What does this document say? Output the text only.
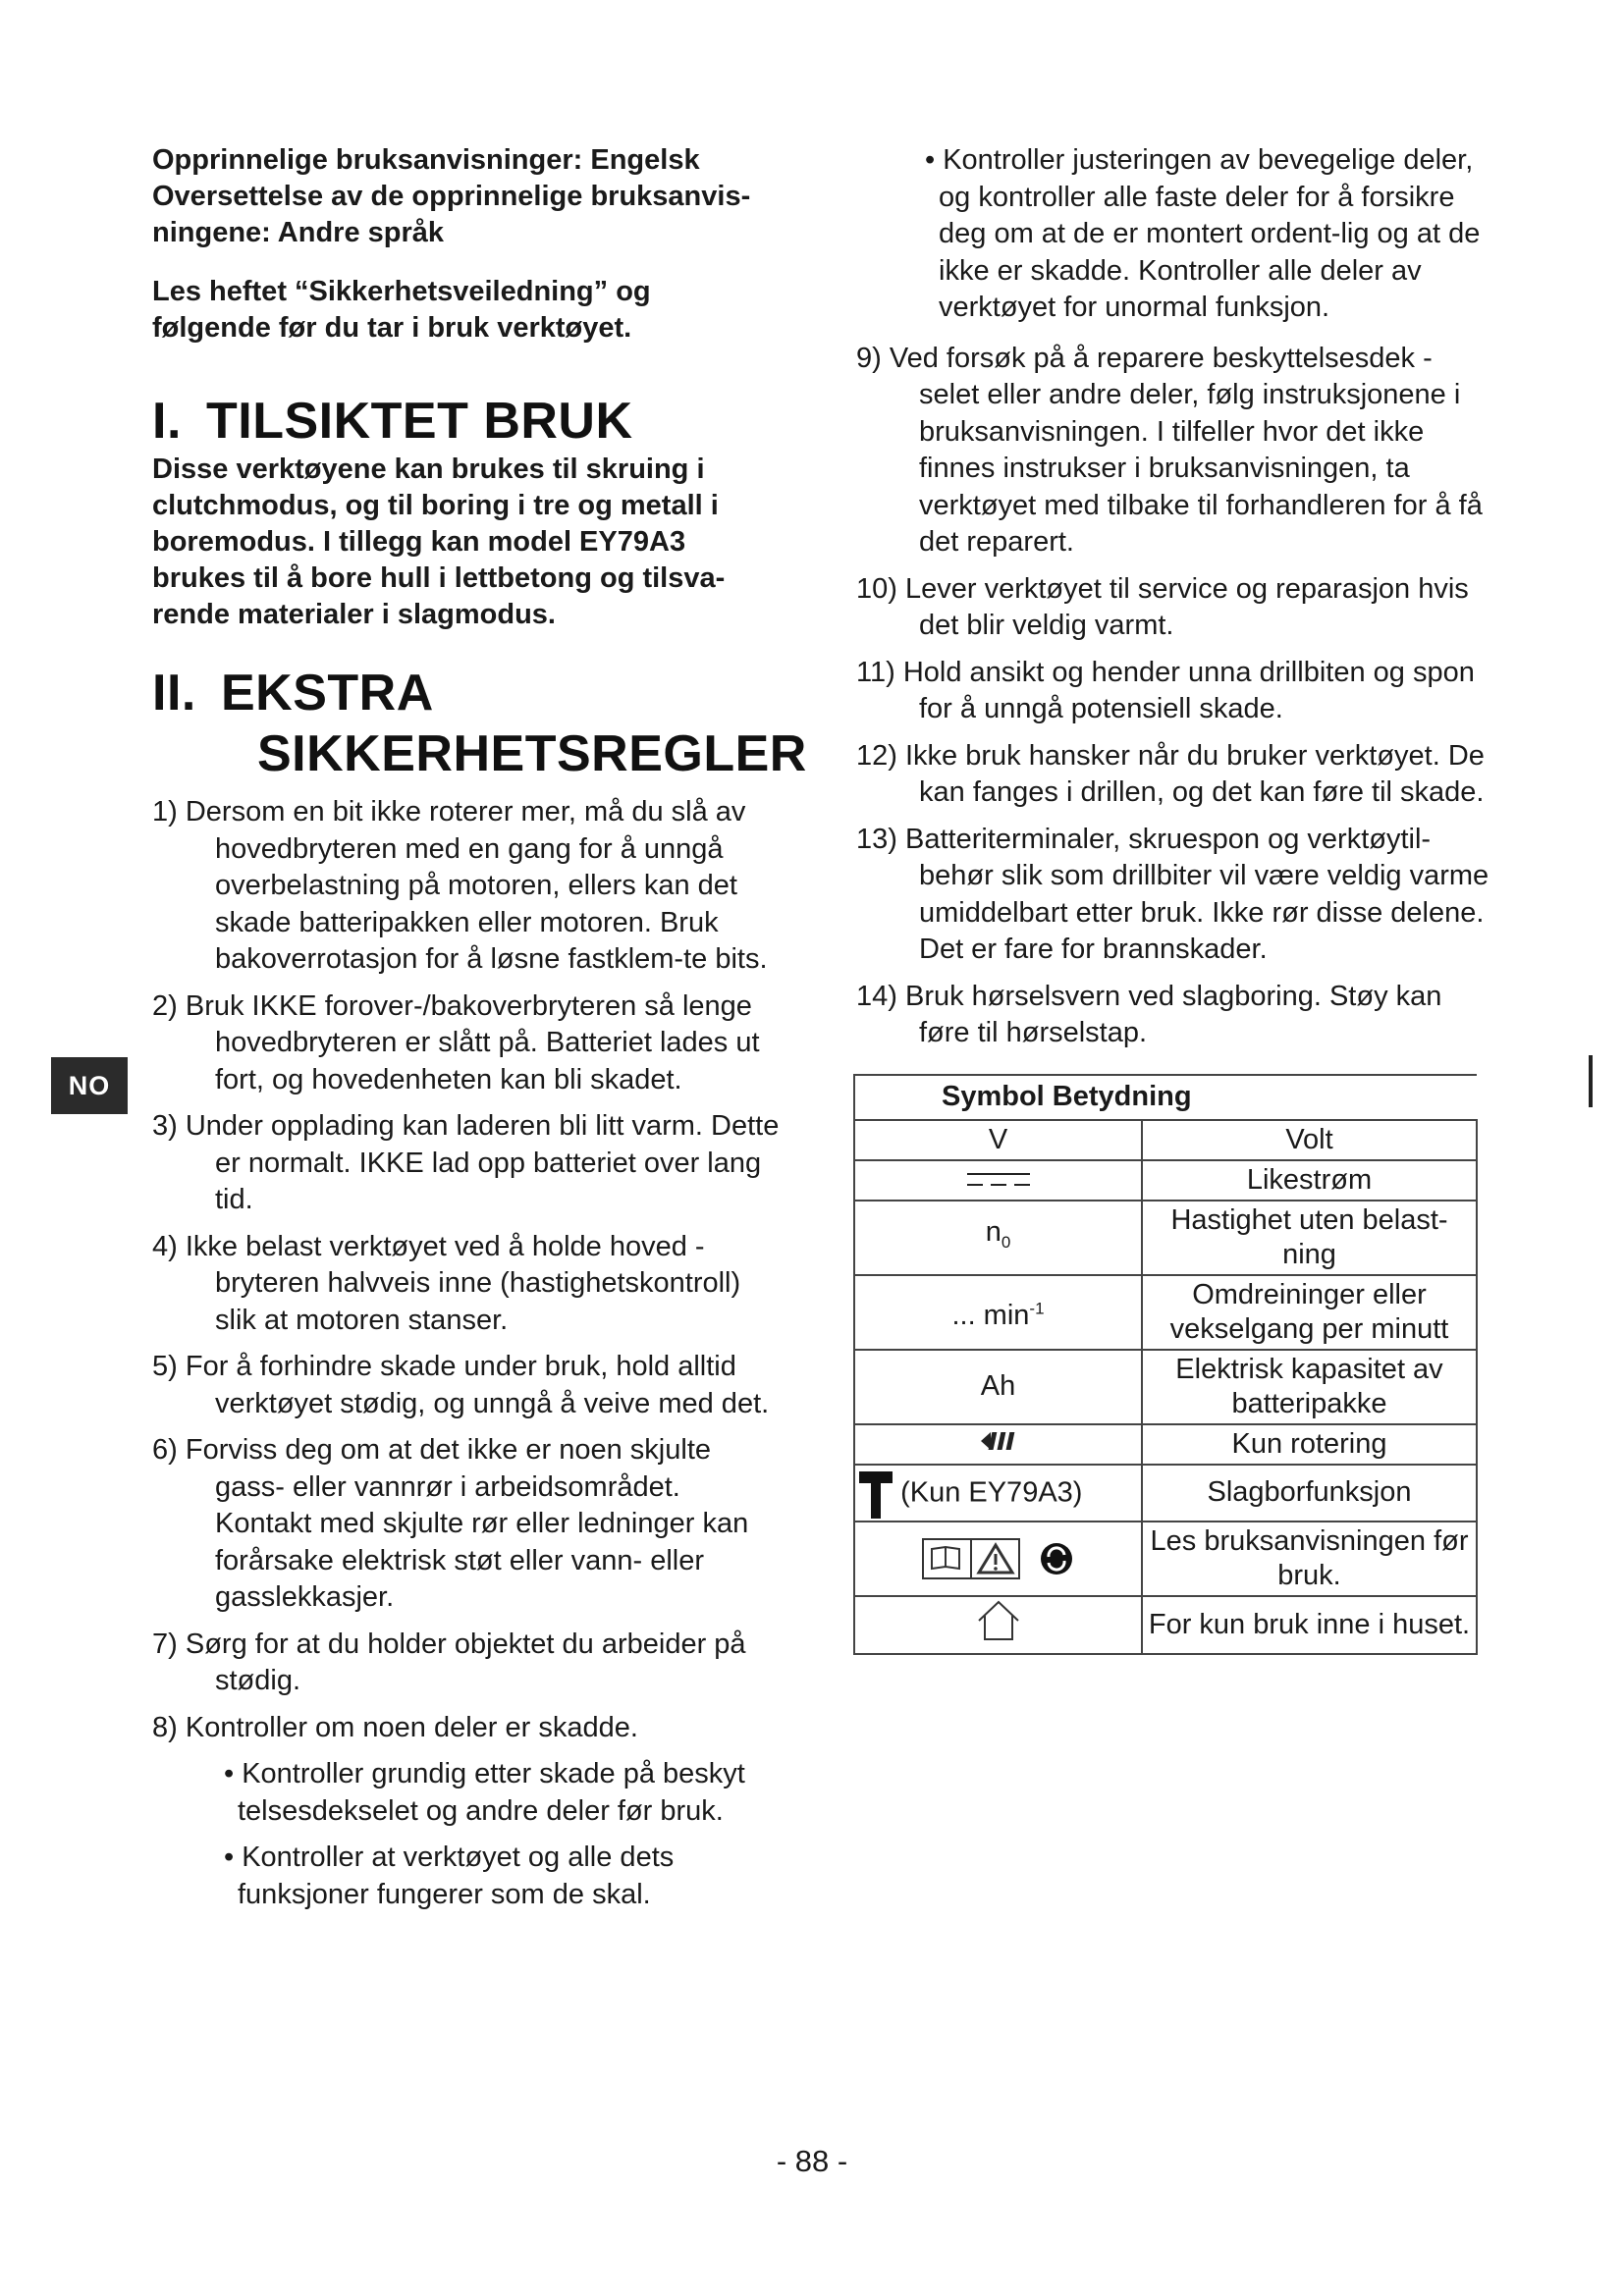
NO

Opprinnelige bruksanvisninger: Engelsk
Oversettelse av de opprinnelige bruksanvis-
ningene: Andre språk

Les heftet “Sikkerhetsveiledning” og
følgende før du tar i bruk verktøyet.

I. TILSIKTET BRUK

Disse verktøyene kan brukes til skruing i
clutchmodus, og til boring i tre og metall i
boremodus. I tillegg kan model EY79A3
brukes til å bore hull i lettbetong og tilsva-
rende materialer i slagmodus.

II. EKSTRA
SIKKERHETSREGLER
1) Dersom en bit ikke roterer mer, må du slå av hovedbryteren med en gang for å unngå overbelastning på motoren, ellers kan det skade batteripakken eller motoren. Bruk bakoverrotasjon for å løsne fastklem-te bits.
2) Bruk IKKE forover-/bakoverbryteren så lenge hovedbryteren er slått på. Batteriet lades ut fort, og hovedenheten kan bli skadet.
3) Under opplading kan laderen bli litt varm. Dette er normalt. IKKE lad opp batteriet over lang tid.
4) Ikke belast verktøyet ved å holde hoved - bryteren halvveis inne (hastighetskontroll) slik at motoren stanser.
5) For å forhindre skade under bruk, hold alltid verktøyet stødig, og unngå å veive med det.
6) Forviss deg om at det ikke er noen skjulte gass- eller vannrør i arbeidsområdet. Kontakt med skjulte rør eller ledninger kan forårsake elektrisk støt eller vann- eller gasslekkasjer.
7) Sørg for at du holder objektet du arbeider på stødig.
8) Kontroller om noen deler er skadde.

• Kontroller grundig etter skade på beskyt telsesdekselet og andre deler før bruk.

• Kontroller at verktøyet og alle dets funksjoner fungerer som de skal.

• Kontroller justeringen av bevegelige deler, og kontroller alle faste deler for å forsikre deg om at de er montert ordent-lig og at de ikke er skadde. Kontroller alle deler av verktøyet for unormal funksjon.

9) Ved forsøk på å reparere beskyttelsesdek - selet eller andre deler, følg instruksjonene i bruksanvisningen. I tilfeller hvor det ikke finnes instrukser i bruksanvisningen, ta verktøyet med tilbake til forhandleren for å få det reparert.
10) Lever verktøyet til service og reparasjon hvis det blir veldig varmt.
11) Hold ansikt og hender unna drillbiten og spon for å unngå potensiell skade.
12) Ikke bruk hansker når du bruker verktøyet. De kan fanges i drillen, og det kan føre til skade.
13) Batteriterminaler, skruespon og verktøytil-behør slik som drillbiter vil være veldig varme umiddelbart etter bruk. Ikke rør disse delene. Det er fare for brannskader.
14) Bruk hørselsvern ved slagboring. Støy kan føre til hørselstap.
Symbol Betydning	
V	Volt
	Likestrøm
$n_0$	Hastighet uten belast-ning
... $\min^{-1}$	Omdreininger eller vekselgang per minutt
Ah	Elektrisk kapasitet av batteripakke
	Kun rotering
(Kun EY79A3)	Slagborfunksjon
	Les bruksanvisningen før bruk.
	For kun bruk inne i huset.
- 88 -
